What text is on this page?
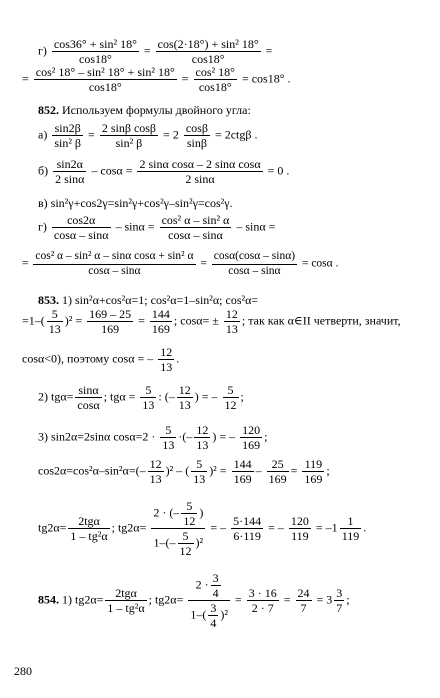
$г) \frac{\text{cos36° + sin² 18°}}{\cos 18^\circ} = \frac{\text{cos(2·18°) + sin² 18°}}{\cos 18^\circ}$ =
= $\frac{\text{cos² 18° – sin² 18° + sin² 18°}}{\cos 18^\circ} = \frac{\text{cos² 18°}}{\cos 18^\circ} = \cos 18^\circ$ .
852. Используем формулы двойного угла:
$а) \frac{\sin 2\beta}{\text{sin² β}} = \frac{\text{2 sinβ cosβ}}{\text{sin² β}} = 2 \frac{\cos\beta}{\sin\beta} = 2ctg\beta$ .
$б) \frac{\sin 2\alpha}{2 \sin\alpha} - \cos\alpha = \frac{\text{2 sinα cosα – 2 sinα cosα}}{2 \sin\alpha} = 0$ .
в) sin²γ+cos2γ=sin²γ+cos²γ–sin²γ=cos²γ.
$г) \frac{\cos 2\alpha}{\cos\alpha - \sin\alpha} - \sin\alpha = \frac{\text{cos² α – sin² α}}{\cos\alpha - \sin\alpha} - \sin\alpha$ =
= $\frac{\text{cos² α – sin² α – sinα cosα + sin² α}}{\cos\alpha - \sin\alpha} = \frac{\cos\alpha(\cos\alpha - \sin\alpha)}{\cos\alpha - \sin\alpha} = \cos\alpha$ .
853. 1) sin²α+cos²α=1; cos²α=1–sin²α; cos²α=
$=1-( \frac{5}{13} )^2 = \frac{169 - 25}{169} = \frac{144}{169}$ ; $\cos\alpha= \pm \frac{12}{13}$ ; так как α∈II четверти, значит,
cosα<0), поэтому cosα = – $\frac{12}{13}$ .
2) $tg\alpha= \frac{\sin\alpha}{\cos\alpha}$ ; $tg\alpha = \frac{5}{13}$ : (– $\frac{12}{13}$ ) = – $\frac{5}{12}$ ;
3) sin2α=2sinα $\cos\alpha=2 \cdot \frac{5}{13}$ ·(– $\frac{12}{13}$ ) = – $\frac{120}{169}$ ;
$\cos 2\alpha=\cos^2\alpha-\sin^2\alpha=(- \frac{12}{13} )^2$ – ( $\frac{5}{13} )^2 = \frac{144}{169} - \frac{25}{169} = \frac{119}{169}$ ;
$tg2\alpha= \frac{\text{2tgα}}{\text{1 – tg²α}}$ ; $tg2\alpha= \frac{2 \cdot (- \frac{5}{12} )}{1-(- \frac{5}{12} )^2}$ = – $\frac{5\cdot 144}{6\cdot 119}$ = – $\frac{120}{119} = -1 \frac{1}{119}$ .
854. 1) $tg2\alpha= \frac{\text{2tgα}}{\text{1 – tg²α}}$ ; $tg2\alpha= \frac{2 \cdot \frac{3}{4}}{1-( \frac{3}{4} )^2} = \frac{3 \cdot 16}{2 \cdot 7} = \frac{24}{7} = 3 \frac{3}{7}$ ;
280
